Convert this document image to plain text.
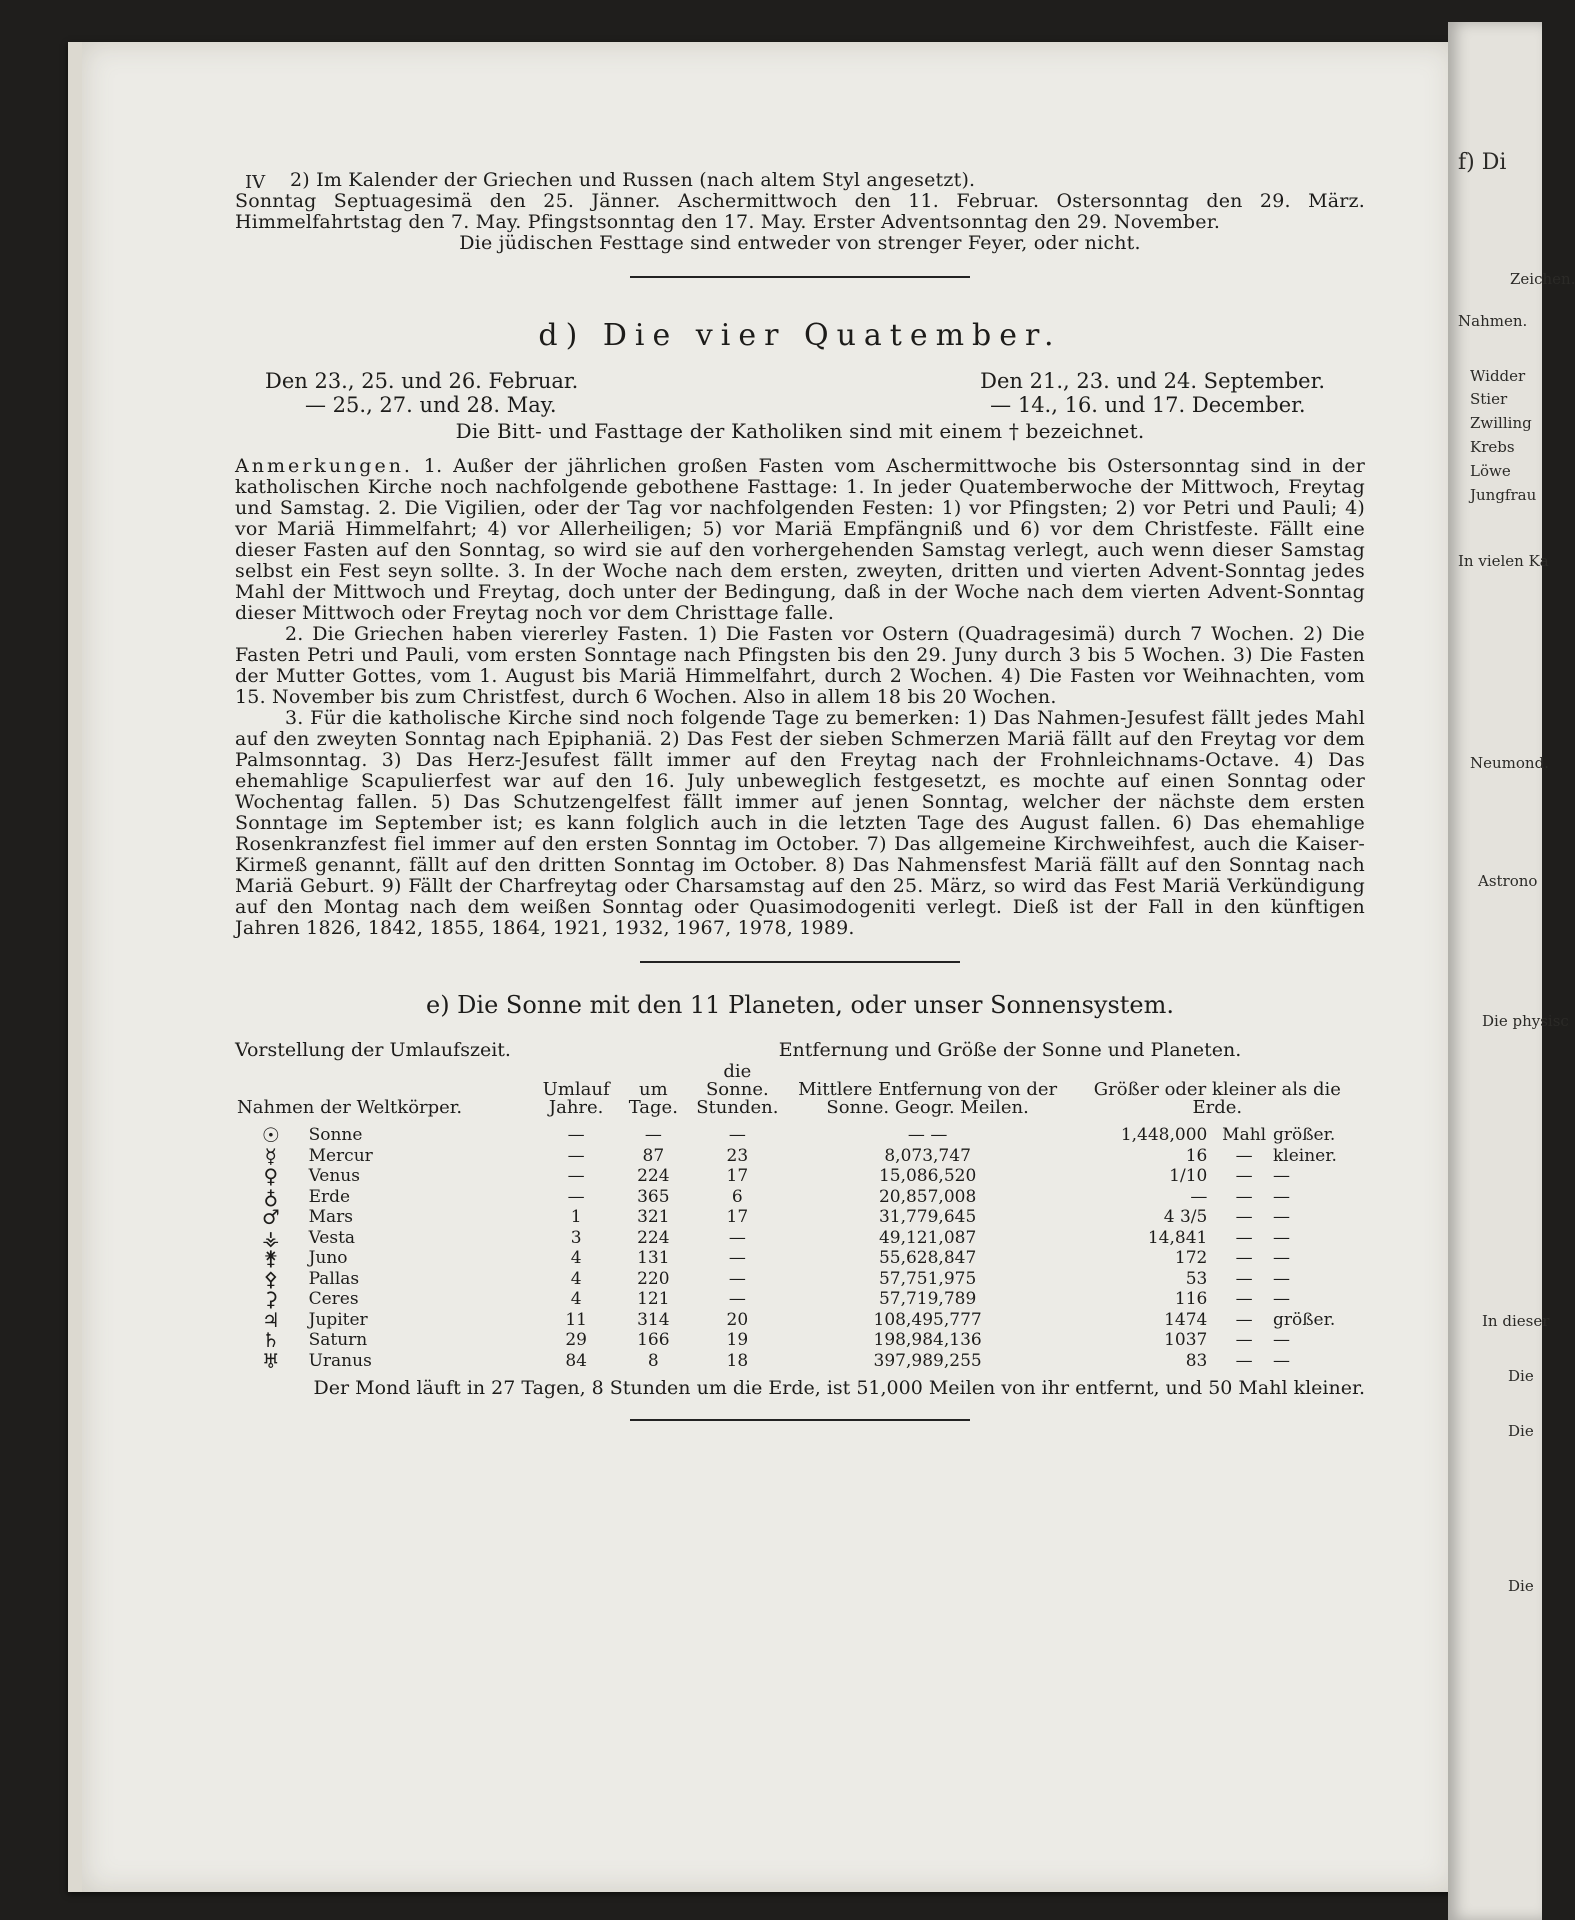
f) Di
Nahmen.
Zeichen.
Widder
Stier
Zwilling
Krebs
Löwe
Jungfrau
In vielen Ka
Neumond.
Astrono
Die physisc
In dieser
Die
Die
Die
IV	2) Im Kalender der Griechen und Russen (nach altem Styl angesetzt).

Sonntag Septuagesimä den 25. Jänner. Aschermittwoch den 11. Februar. Ostersonntag den 29. März. Himmelfahrtstag den 7. May. Pfingstsonntag den 17. May. Erster Adventsonntag den 29. November.

Die jüdischen Festtage sind entweder von strenger Feyer, oder nicht.

d) Die vier Quatember.
Den 23., 25. und 26. Februar.
— 25., 27. und 28. May.
Den 21., 23. und 24. September.
— 14., 16. und 17. December.

Die Bitt- und Fasttage der Katholiken sind mit einem † bezeichnet.

Anmerkungen. 1. Außer der jährlichen großen Fasten vom Aschermittwoche bis Ostersonntag sind in der katholischen Kirche noch nachfolgende gebothene Fasttage: 1. In jeder Quatemberwoche der Mittwoch, Freytag und Samstag. 2. Die Vigilien, oder der Tag vor nachfolgenden Festen: 1) vor Pfingsten; 2) vor Petri und Pauli; 4) vor Mariä Himmelfahrt; 4) vor Allerheiligen; 5) vor Mariä Empfängniß und 6) vor dem Christfeste. Fällt eine dieser Fasten auf den Sonntag, so wird sie auf den vorhergehenden Samstag verlegt, auch wenn dieser Samstag selbst ein Fest seyn sollte. 3. In der Woche nach dem ersten, zweyten, dritten und vierten Advent-Sonntag jedes Mahl der Mittwoch und Freytag, doch unter der Bedingung, daß in der Woche nach dem vierten Advent-Sonntag dieser Mittwoch oder Freytag noch vor dem Christtage falle.

2. Die Griechen haben viererley Fasten. 1) Die Fasten vor Ostern (Quadragesimä) durch 7 Wochen. 2) Die Fasten Petri und Pauli, vom ersten Sonntage nach Pfingsten bis den 29. Juny durch 3 bis 5 Wochen. 3) Die Fasten der Mutter Gottes, vom 1. August bis Mariä Himmelfahrt, durch 2 Wochen. 4) Die Fasten vor Weihnachten, vom 15. November bis zum Christfest, durch 6 Wochen. Also in allem 18 bis 20 Wochen.

3. Für die katholische Kirche sind noch folgende Tage zu bemerken: 1) Das Nahmen-Jesufest fällt jedes Mahl auf den zweyten Sonntag nach Epiphaniä. 2) Das Fest der sieben Schmerzen Mariä fällt auf den Freytag vor dem Palmsonntag. 3) Das Herz-Jesufest fällt immer auf den Freytag nach der Frohnleichnams-Octave. 4) Das ehemahlige Scapulierfest war auf den 16. July unbeweglich festgesetzt, es mochte auf einen Sonntag oder Wochentag fallen. 5) Das Schutzengelfest fällt immer auf jenen Sonntag, welcher der nächste dem ersten Sonntage im September ist; es kann folglich auch in die letzten Tage des August fallen. 6) Das ehemahlige Rosenkranzfest fiel immer auf den ersten Sonntag im October. 7) Das allgemeine Kirchweihfest, auch die Kaiser-Kirmeß genannt, fällt auf den dritten Sonntag im October. 8) Das Nahmensfest Mariä fällt auf den Sonntag nach Mariä Geburt. 9) Fällt der Charfreytag oder Charsamstag auf den 25. März, so wird das Fest Mariä Verkündigung auf den Montag nach dem weißen Sonntag oder Quasimodogeniti verlegt. Dieß ist der Fall in den künftigen Jahren 1826, 1842, 1855, 1864, 1921, 1932, 1967, 1978, 1989.

e) Die Sonne mit den 11 Planeten, oder unser Sonnensystem.
Vorstellung der Umlaufszeit.	Entfernung und Größe der Sonne und Planeten.
Nahmen der Weltkörper.		Umlauf Jahre.	um Tage.	die Sonne. Stunden.	Mittlere Entfernung von der Sonne. Geogr. Meilen.	Größer oder kleiner als die Erde.		
☉	Sonne	—	—	—	— —	1,448,000	Mahl	größer.
☿	Mercur	—	87	23	8,073,747	16	—	kleiner.
♀	Venus	—	224	17	15,086,520	1/10	—	—
♁	Erde	—	365	6	20,857,008	—	—	—
♂	Mars	1	321	17	31,779,645	4 3/5	—	—
⚶	Vesta	3	224	—	49,121,087	14,841	—	—
⚵	Juno	4	131	—	55,628,847	172	—	—
⚴	Pallas	4	220	—	57,751,975	53	—	—
⚳	Ceres	4	121	—	57,719,789	116	—	—
♃	Jupiter	11	314	20	108,495,777	1474	—	größer.
♄	Saturn	29	166	19	198,984,136	1037	—	—
♅	Uranus	84	8	18	397,989,255	83	—	—
Der Mond läuft in 27 Tagen, 8 Stunden um die Erde, ist 51,000 Meilen von ihr entfernt, und 50 Mahl kleiner.
